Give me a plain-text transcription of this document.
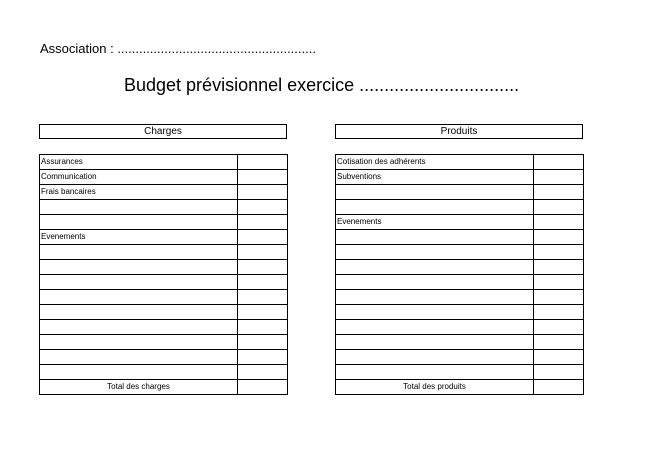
Association : .......................................................
Budget prévisionnel exercice ................................
Charges	Produits
Assurances	
Communication	
Frais bancaires	

Evenements	

Total des charges	
Cotisation des adhérents	
Subventions	

Evenements	

Total des produits	
